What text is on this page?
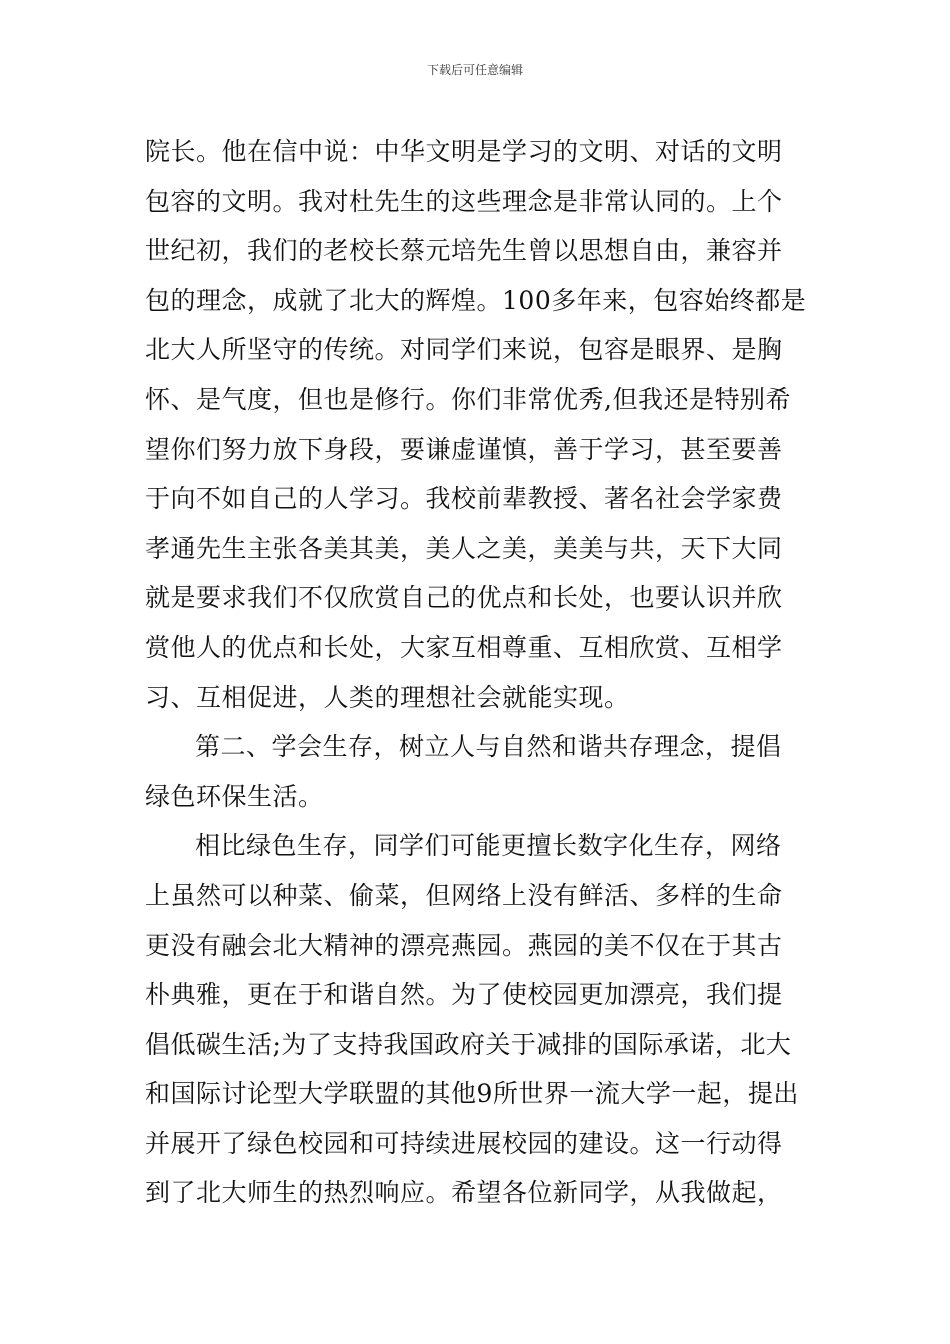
下载后可任意编辑
院长。他在信中说：中华文明是学习的文明、对话的文明
包容的文明。我对杜先生的这些理念是非常认同的。上个
世纪初，我们的老校长蔡元培先生曾以思想自由，兼容并
包的理念，成就了北大的辉煌。100多年来，包容始终都是
北大人所坚守的传统。对同学们来说，包容是眼界、是胸
怀、是气度，但也是修行。你们非常优秀,但我还是特别希
望你们努力放下身段，要谦虚谨慎，善于学习，甚至要善
于向不如自己的人学习。我校前辈教授、著名社会学家费
孝通先生主张各美其美，美人之美，美美与共，天下大同
就是要求我们不仅欣赏自己的优点和长处，也要认识并欣
赏他人的优点和长处，大家互相尊重、互相欣赏、互相学
习、互相促进，人类的理想社会就能实现。
第二、学会生存，树立人与自然和谐共存理念，提倡
绿色环保生活。
相比绿色生存，同学们可能更擅长数字化生存，网络
上虽然可以种菜、偷菜，但网络上没有鲜活、多样的生命
更没有融会北大精神的漂亮燕园。燕园的美不仅在于其古
朴典雅，更在于和谐自然。为了使校园更加漂亮，我们提
倡低碳生活;为了支持我国政府关于减排的国际承诺，北大
和国际讨论型大学联盟的其他9所世界一流大学一起，提出
并展开了绿色校园和可持续进展校园的建设。这一行动得
到了北大师生的热烈响应。希望各位新同学，从我做起，
